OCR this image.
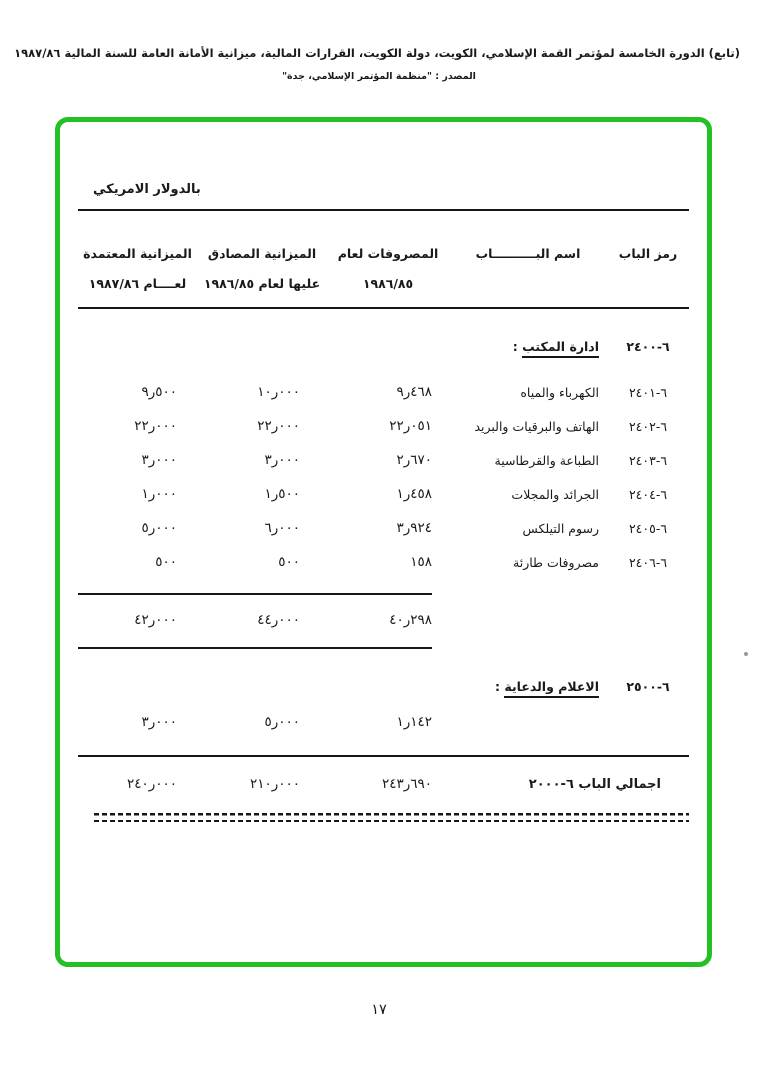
(تابع) الدورة الخامسة لمؤتمر القمة الإسلامي، الكويت، دولة الكويت، القرارات المالية، ميزانية الأمانة العامة للسنة المالية ١٩٨٧/٨٦
المصدر : "منظمة المؤتمر الإسلامي، جدة"
بالدولار الامريكي
رمز الباب
اسم البــــــــــاب
المصروفات لعام
١٩٨٦/٨٥
الميزانية المصادق
عليها لعام ١٩٨٦/٨٥
الميزانية المعتمدة
لعــــام ١٩٨٧/٨٦
٦-٢٤٠٠
ادارة المكتب :
٦-٢٤٠١
الكهرباء والمياه
٩ر٤٦٨
١٠ر٠٠٠
٩ر٥٠٠
٦-٢٤٠٢
الهاتف والبرقيات والبريد
٢٢ر٠٥١
٢٢ر٠٠٠
٢٢ر٠٠٠
٦-٢٤٠٣
الطباعة والقرطاسية
٢ر٦٧٠
٣ر٠٠٠
٣ر٠٠٠
٦-٢٤٠٤
الجرائد والمجلات
١ر٤٥٨
١ر٥٠٠
١ر٠٠٠
٦-٢٤٠٥
رسوم التيلكس
٣ر٩٢٤
٦ر٠٠٠
٥ر٠٠٠
٦-٢٤٠٦
مصروفات طارئة
١٥٨
٥٠٠
٥٠٠
٤٠ر٢٩٨
٤٤ر٠٠٠
٤٢ر٠٠٠
٦-٢٥٠٠
الاعلام والدعاية :
١ر١٤٢
٥ر٠٠٠
٣ر٠٠٠
اجمالي الباب ٦-٢٠٠٠
٢٤٣ر٦٩٠
٢١٠ر٠٠٠
٢٤٠ر٠٠٠
١٧
